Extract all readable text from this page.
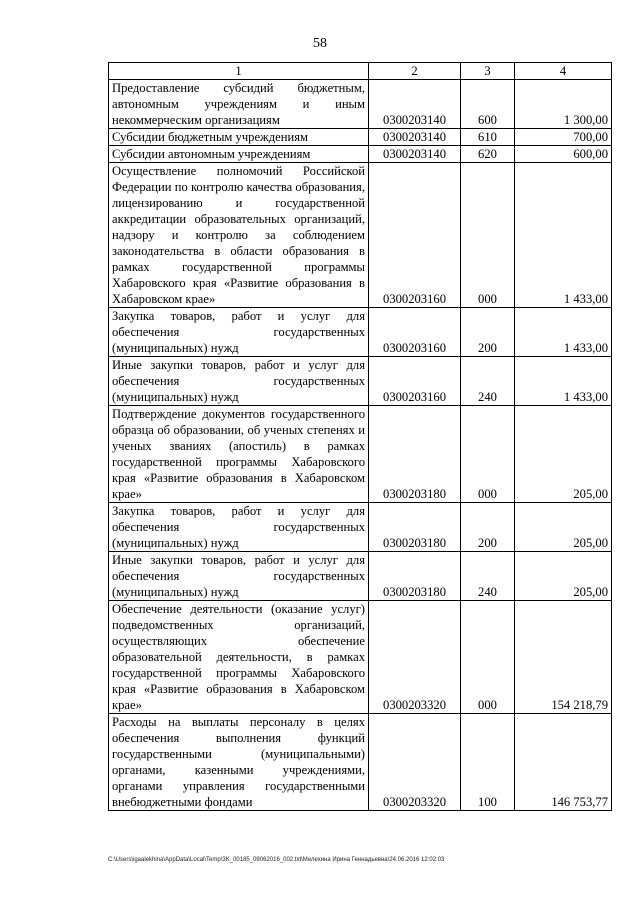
58
1	2	3	4
Предоставление субсидий бюджетным, автономным учреждениям и иным некоммерческим организациям	0300203140	600	1 300,00
Субсидии бюджетным учреждениям	0300203140	610	700,00
Субсидии автономным учреждениям	0300203140	620	600,00
Осуществление полномочий Российской Федерации по контролю качества образования, лицензированию и государственной аккредитации образовательных организаций, надзору и контролю за соблюдением законодательства в области образования в рамках государственной программы Хабаровского края «Развитие образования в Хабаровском крае»	0300203160	000	1 433,00
Закупка товаров, работ и услуг для обеспечения государственных (муниципальных) нужд	0300203160	200	1 433,00
Иные закупки товаров, работ и услуг для обеспечения государственных (муниципальных) нужд	0300203160	240	1 433,00
Подтверждение документов государственного образца об образовании, об ученых степенях и ученых званиях (апостиль) в рамках государственной программы Хабаровского края «Развитие образования в Хабаровском крае»	0300203180	000	205,00
Закупка товаров, работ и услуг для обеспечения государственных (муниципальных) нужд	0300203180	200	205,00
Иные закупки товаров, работ и услуг для обеспечения государственных (муниципальных) нужд	0300203180	240	205,00
Обеспечение деятельности (оказание услуг) подведомственных организаций, осуществляющих обеспечение образовательной деятельности, в рамках государственной программы Хабаровского края «Развитие образования в Хабаровском крае»	0300203320	000	154 218,79
Расходы на выплаты персоналу в целях обеспечения выполнения функций государственными (муниципальными) органами, казенными учреждениями, органами управления государственными внебюджетными фондами	0300203320	100	146 753,77
C:\Users\igaalekhina\AppData\Local\Temp\3K_00185_09062016_002.txt\Мелехина Ирина Геннадьевна\24.06.2016 12:02:03
